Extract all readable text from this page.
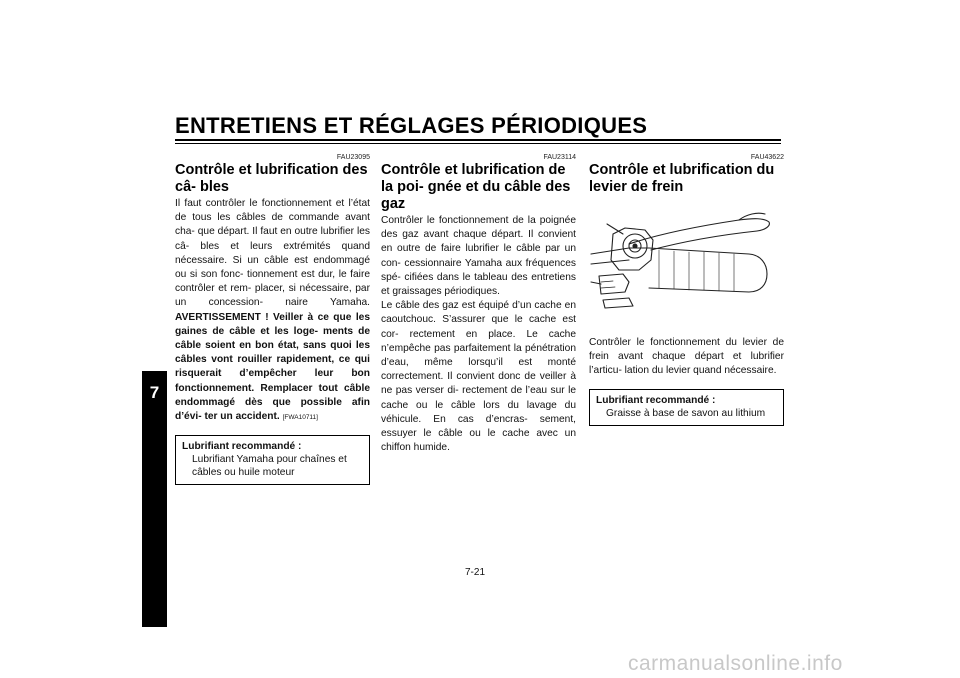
ENTRETIENS ET RÉGLAGES PÉRIODIQUES
7
FAU23095
Contrôle et lubrification des câ- bles

Il faut contrôler le fonctionnement et l’état de tous les câbles de commande avant cha- que départ. Il faut en outre lubrifier les câ- bles et leurs extrémités quand nécessaire. Si un câble est endommagé ou si son fonc- tionnement est dur, le faire contrôler et rem- placer, si nécessaire, par un concession- naire Yamaha. AVERTISSEMENT ! Veiller à ce que les gaines de câble et les loge- ments de câble soient en bon état, sans quoi les câbles vont rouiller rapidement, ce qui risquerait d’empêcher leur bon fonctionnement. Remplacer tout câble endommagé dès que possible afin d’évi- ter un accident. [FWA10711]

Lubrifiant recommandé :
Lubrifiant Yamaha pour chaînes et câbles ou huile moteur
FAU23114
Contrôle et lubrification de la poi- gnée et du câble des gaz

Contrôler le fonctionnement de la poignée des gaz avant chaque départ. Il convient en outre de faire lubrifier le câble par un con- cessionnaire Yamaha aux fréquences spé- cifiées dans le tableau des entretiens et graissages périodiques.

Le câble des gaz est équipé d’un cache en caoutchouc. S’assurer que le cache est cor- rectement en place. Le cache n’empêche pas parfaitement la pénétration d’eau, même lorsqu’il est monté correctement. Il convient donc de veiller à ne pas verser di- rectement de l’eau sur le cache ou le câble lors du lavage du véhicule. En cas d’encras- sement, essuyer le câble ou le cache avec un chiffon humide.

FAU43622
Contrôle et lubrification du levier de frein

Contrôler le fonctionnement du levier de frein avant chaque départ et lubrifier l’articu- lation du levier quand nécessaire.

Lubrifiant recommandé :
Graisse à base de savon au lithium
7-21
carmanualsonline.info
